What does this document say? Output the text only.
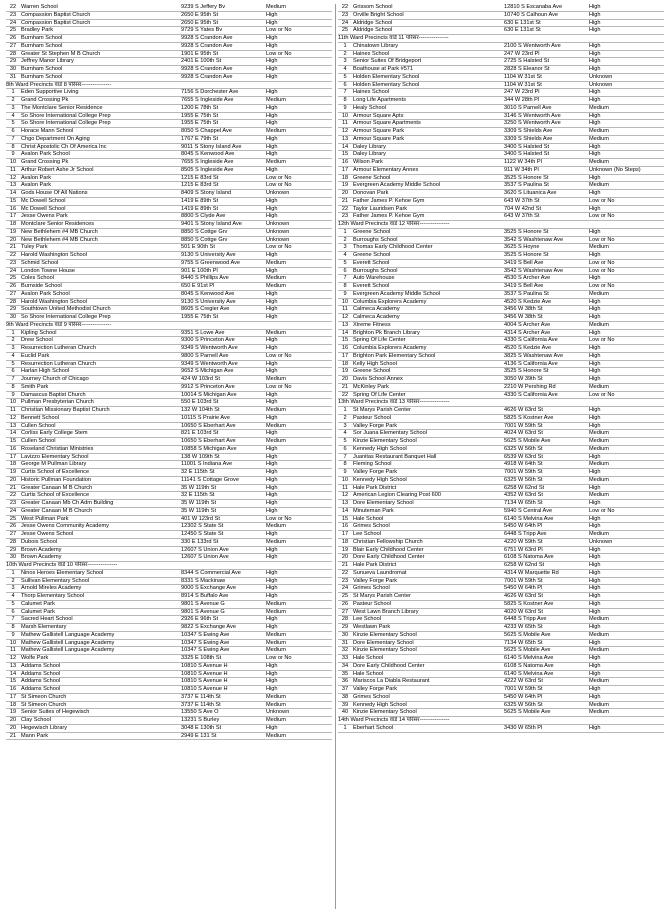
22	Warren School	9239 S Jeffery Bv	Medium
23	Compassion Baptist Church	2650 E 95th St	High
24	Compassion Baptist Church	2650 E 95th St	High
25	Bradley Park	9729 S Yates Bv	Low or No
26	Burnham School	9928 S Crandon Ave	High
27	Burnham School	9928 S Crandon Ave	High
28	Greater St Stephen M B Church	1901 E 95th St	Low or No
29	Jeffrey Manor Library	2401 E 100th St	High
30	Burnham School	9928 S Crandon Ave	High
31	Burnham School	9928 S Crandon Ave	High
8th Ward Precincts वार्ड 8 परिसर----------------			
1	Eden Supportive Living	7156 S Dorchester Ave	High
2	Grand Crossing Pk	7655 S Ingleside Ave	Medium
3	The Montclare Senior Residence	1200 E 78th St	High
4	So Shore International College Prep	1955 E 75th St	High
5	So Shore International College Prep	1955 E 75th St	High
6	Horace Mann School	8050 S Chappel Ave	Medium
7	Chgo Department On Aging	1767 E 79th St	High
8	Christ Apostolic Ch Of America Inc	9011 S Stony Island Ave	High
9	Avalon Park School	8045 S Kenwood Ave	High
10	Grand Crossing Pk	7655 S Ingleside Ave	Medium
11	Arthur Robert Ashe Jr School	8505 S Ingleside Ave	High
12	Avalon Park	1215 E 83rd St	Low or No
13	Avalon Park	1215 E 83rd St	Low or No
14	Gods House Of All Nations	8409 S Stony Island	Unknown
15	Mc Dowell School	1419 E 89th St	High
16	Mc Dowell School	1419 E 89th St	High
17	Jesse Owens Park	8800 S Clyde Ave	High
18	Montclare Senior Residences	9401 S Stony Island Ave	Unknown
19	New Bethlehem #4 MB Church	8850 S Cottge Grv	Unknown
20	New Bethlehem #4 MB Church	8850 S Cottge Grv	Unknown
21	Tuley Park	501 E 90th St	Low or No
22	Harold Washington School	9130 S University Ave	High
23	Schmid School	9755 S Greenwood Ave	Medium
24	London Towne House	901 E 100th Pl	High
25	Coles School	8440 S Phillips Ave	Medium
26	Burnside School	650 E 91st Pl	Medium
27	Avalon Park School	8045 S Kenwood Ave	High
28	Harold Washington School	9130 S University Ave	High
29	Southtown United Methodist Church	8605 S Cregier Ave	High
30	So Shore International College Prep	1955 E 75th St	High
9th Ward Precincts वार्ड 9 परिसर----------------			
1	Kipling School	9351 S Lowe Ave	Medium
2	Drew School	9300 S Princeton Ave	High
3	Resurrection Lutheran Church	9349 S Wentworth Ave	High
4	Euclid Park	9800 S Parnell Ave	Low or No
5	Resurrection Lutheran Church	9349 S Wentworth Ave	High
6	Harlan High School	9652 S Michigan Ave	High
7	Journey Church of Chicago	424 W 103rd St	Medium
8	Smith Park	9912 S Princeton Ave	Low or No
9	Damascus Baptist Church	10014 S Michigan Ave	High
10	Pullman Presbyterian Church	550 E 103rd St	High
11	Christian Missionary Baptist Church	132 W 104th St	Medium
12	Bennett School	10115 S Prairie Ave	High
13	Cullen School	10650 S Eberhart Ave	Medium
14	Corliss Early College Stem	821 E 103rd St	High
15	Cullen School	10650 S Eberhart Ave	Medium
16	Roseland Christian Ministries	10858 S Michigan Ave	High
17	Lavizzo Elementary School	138 W 109th St	High
18	George M Pullman Library	11001 S Indiana Ave	High
19	Curtis School of Excellence	32 E 115th St	High
20	Historic Pullman Foundation	11141 S Cottage Grove	High
21	Greater Canaan M B Church	35 W 119th St	High
22	Curtis School of Excellence	32 E 115th St	High
23	Greater Canaan Mb Ch Adm Building	35 W 119th St	High
24	Greater Canaan M B Church	35 W 119th St	High
25	West Pullman Park	401 W 123rd St	Low or No
26	Jesse Owens Community Academy	12302 S State St	Medium
27	Jesse Owens School	12450 S State St	High
28	Dubois School	330 E 133rd St	Medium
29	Brown Academy	12607 S Union Ave	High
30	Brown Academy	12607 S Union Ave	High
10th Ward Precincts वार्ड 10 परिसर----------------			
1	Ninos Heroes Elementary School	8344 S Commercial Ave	High
2	Sullivan Elementary School	8331 S Mackinaw	High
3	Arnold Mireles Academy	9000 S Exchange Ave	High
4	Thorp Elementary School	8914 S Buffalo Ave	High
5	Calumet Park	9801 S Avenue G	Medium
6	Calumet Park	9801 S Avenue G	Medium
7	Sacred Heart School	2926 E 96th St	High
8	Marsh Elementary	9822 S Exchange Ave	High
9	Mathew Gallistell Language Academy	10347 S Ewing Ave	Medium
10	Mathew Gallistell Language Academy	10347 S Ewing Ave	Medium
11	Mathew Gallistell Language Academy	10347 S Ewing Ave	Medium
12	Wolfe Park	3325 E 108th St	Low or No
13	Addams School	10810 S Avenue H	High
14	Addams School	10810 S Avenue H	High
15	Addams School	10810 S Avenue H	High
16	Addams School	10810 S Avenue H	High
17	St Simeon Church	3737 E 114th St	Medium
18	St Simeon Church	3737 E 114th St	Medium
19	Senior Suites of Hegewisch	13550 S Ave O	Unknown
20	Clay School	13231 S Burley	Medium
20	Hegewisch Library	3048 E 130th St	High
21	Mann Park	2949 E 131 St	Medium
22	Grissom School	12810 S Escanaba Ave	High
23	Orville Bright School	10740 S Calhoun Ave	High
24	Aldridge School	630 E 131st St	High
25	Aldridge School	630 E 131st St	High
11th Ward Precincts वार्ड 11 परिसर----------------			
1	Chinatown Library	2100 S Wentworth Ave	High
2	Haines School	247 W 23rd Pl	High
3	Senior Suites Of Bridgeport	2725 S Halsted St	High
4	Boathouse at Park #571	2828 S Eleanor St	High
5	Holden Elementary School	1104 W 31st St	Unknown
6	Holden Elementary School	1104 W 31st St	Unknown
7	Haines School	247 W 23rd Pl	High
8	Long Life Apartments	344 W 28th Pl	High
9	Healy School	3010 S Parnell Ave	Medium
10	Armour Square Apts	3146 S Wentworth Ave	High
11	Armour Square Apartments	3250 S Wentworth Ave	High
12	Armour Square Park	3309 S Shields Ave	Medium
13	Armour Square Park	3309 S Shields Ave	Medium
14	Daley Library	3400 S Halsted St	High
15	Daley Library	3400 S Halsted St	High
16	Wilson Park	1122 W 34th Pl	Medium
17	Armour Elementary Annex	911 W 34th Pl	Unknown (No Steps)
18	Greene School	3525 S Honore St	High
19	Evergreen Academy Middle School	3537 S Paulina St	Medium
20	Donovan Park	3620 S Lituanica Ave	High
21	Father James P. Kehoe Gym	643 W 37th St	Low or No
22	Taylor Lauridsen Park	704 W 42nd St	High
23	Father James P. Kehoe Gym	643 W 37th St	Low or No
12th Ward Precincts वार्ड 12 परिसर----------------			
1	Greene School	3525 S Honore St	High
2	Burroughs School	3542 S Washtenaw Ave	Low or No
3	Thomas Early Childhood Center	3625 S Hoyne	Medium
4	Greene School	3525 S Honore St	High
5	Everett School	3419 S Bell Ave	Low or No
6	Burroughs School	3542 S Washtenaw Ave	Low or No
7	Auto Warehouse	4530 S Archer Ave	High
8	Everett School	3419 S Bell Ave	Low or No
9	Evergreen Academy Middle School	3537 S Paulina St	Medium
10	Columbia Explorers Academy	4520 S Kedzie Ave	High
11	Calmeca Academy	3456 W 38th St	High
12	Calmeca Academy	3456 W 38th St	High
13	Xtreme Fitness	4004 S Archer Ave	Medium
14	Brighton Pk Branch Library	4314 S Archer Ave	High
15	Spring Of Life Center	4330 S California Ave	Low or No
16	Columbia Explorers Academy	4520 S Kedzie Ave	High
17	Brighton Park Elementary School	3825 S Washtenaw Ave	High
18	Kelly High School	4136 S California Ave	High
19	Greene School	3525 S Honore St	High
20	Davis School Annex	3050 W 39th St	High
21	McKinley Park	2210 W Pershing Rd	Medium
22	Spring Of Life Center	4330 S California Ave	Low or No
13th Ward Precincts वार्ड 13 परिसर----------------			
1	St Marys Parish Center	4626 W 63rd St	High
2	Pasteur School	5825 S Kostner Ave	High
3	Valley Forge Park	7001 W 59th St	High
4	Sor Juana Elementary School	4024 W 63rd St	Medium
5	Kinzie Elementary School	5625 S Mobile Ave	Medium
6	Kennedy High School	6325 W 56th St	Medium
7	Juanitas Restaurant Banquet Hall	6539 W 63rd St	High
8	Fleming School	4918 W 64th St	Medium
9	Valley Forge Park	7001 W 59th St	High
10	Kennedy High School	6325 W 56th St	Medium
11	Hale Park District	6258 W 62nd St	High
12	American Legion Clearing Post 600	4352 W 63rd St	Medium
13	Dore Elementary School	7134 W 65th St	High
14	Minuteman Park	5940 S Central Ave	Low or No
15	Hale School	6140 S Melvina Ave	High
16	Grimes School	5450 W 64th Pl	High
17	Lee School	6448 S Tripp Ave	Medium
18	Christian Fellowship Church	4220 W 59th St	Unknown
19	Blair Early Childhood Center	6751 W 63rd Pl	High
20	Dore Early Childhood Center	6108 S Natoma Ave	High
21	Hale Park District	6258 W 62nd St	High
22	Sunueva Laundromat	4314 W Marquette Rd	High
23	Valley Forge Park	7001 W 59th St	High
24	Grimes School	5450 W 64th Pl	High
25	St Marys Parish Center	4626 W 63rd St	High
26	Pasteur School	5825 S Kostner Ave	High
27	West Lawn Branch Library	4020 W 63rd St	High
28	Lee School	6448 S Tripp Ave	Medium
29	Westlawn Park	4233 W 65th St	High
30	Kinzie Elementary School	5625 S Mobile Ave	Medium
31	Dore Elementary School	7134 W 65th St	High
32	Kinzie Elementary School	5625 S Mobile Ave	Medium
33	Hale School	6140 S Melvina Ave	High
34	Dore Early Childhood Center	6108 S Natoma Ave	High
35	Hale School	6140 S Melvina Ave	High
36	Mariscos La Diabla Restaurant	4222 W 63rd St	Medium
37	Valley Forge Park	7001 W 59th St	High
38	Grimes School	5450 W 64th Pl	High
39	Kennedy High School	6325 W 56th St	Medium
40	Kinzie Elementary School	5625 S Mobile Ave	Medium
14th Ward Precincts वार्ड 14 परिसर----------------			
1	Eberhart School	3430 W 65th Pl	High
